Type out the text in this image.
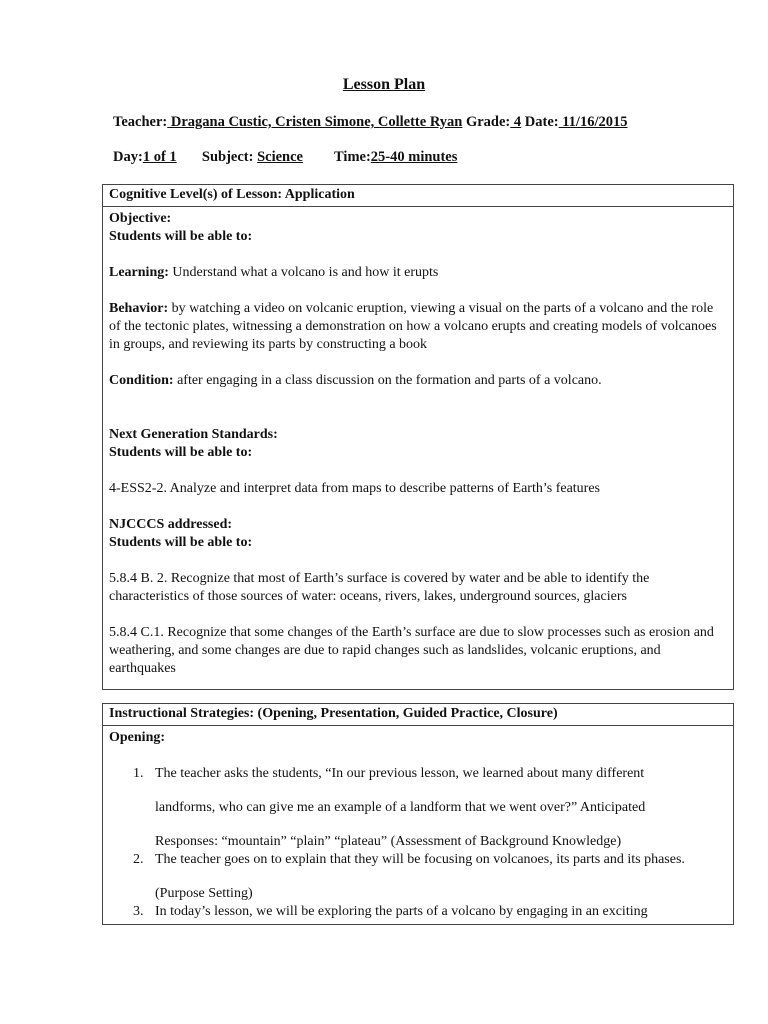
Lesson Plan
Teacher: Dragana Custic, Cristen Simone, Collette Ryan Grade: 4 Date: 11/16/2015
Day:1 of 1 Subject: Science Time:25-40 minutes
Cognitive Level(s) of Lesson: Application
Objective:
Students will be able to:
Learning: Understand what a volcano is and how it erupts
Behavior: by watching a video on volcanic eruption, viewing a visual on the parts of a volcano and the role of the tectonic plates, witnessing a demonstration on how a volcano erupts and creating models of volcanoes in groups, and reviewing its parts by constructing a book
Condition: after engaging in a class discussion on the formation and parts of a volcano.
Next Generation Standards:
Students will be able to:
4-ESS2-2. Analyze and interpret data from maps to describe patterns of Earth’s features
NJCCCS addressed:
Students will be able to:
5.8.4 B. 2. Recognize that most of Earth’s surface is covered by water and be able to identify the characteristics of those sources of water: oceans, rivers, lakes, underground sources, glaciers
5.8.4 C.1. Recognize that some changes of the Earth’s surface are due to slow processes such as erosion and weathering, and some changes are due to rapid changes such as landslides, volcanic eruptions, and earthquakes
Instructional Strategies: (Opening, Presentation, Guided Practice, Closure)
Opening:
1. The teacher asks the students, “In our previous lesson, we learned about many different
landforms, who can give me an example of a landform that we went over?” Anticipated
Responses: “mountain” “plain” “plateau” (Assessment of Background Knowledge)
2. The teacher goes on to explain that they will be focusing on volcanoes, its parts and its phases.
(Purpose Setting)
3. In today’s lesson, we will be exploring the parts of a volcano by engaging in an exciting
